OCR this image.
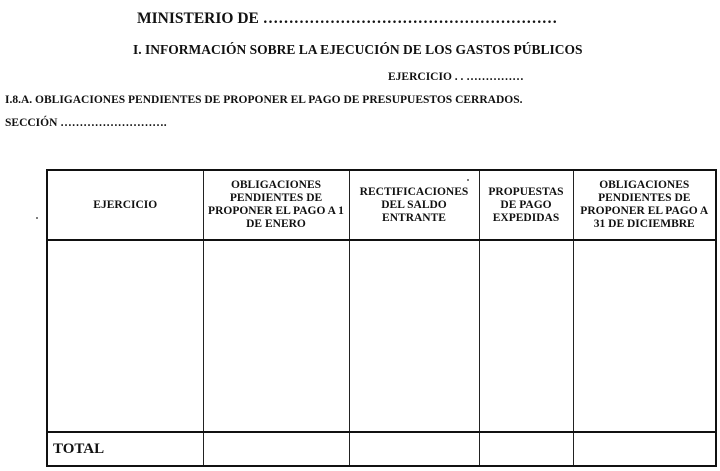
MINISTERIO DE …………………………………………………
I. INFORMACIÓN SOBRE LA EJECUCIÓN DE LOS GASTOS PÚBLICOS
EJERCICIO . . ……………
I.8.A. OBLIGACIONES PENDIENTES DE PROPONER EL PAGO DE PRESUPUESTOS CERRADOS.
SECCIÓN ……………………….
EJERCICIO	OBLIGACIONES PENDIENTES DE PROPONER EL PAGO A 1 DE ENERO	RECTIFICACIONES DEL SALDO ENTRANTE	PROPUESTAS DE PAGO EXPEDIDAS	OBLIGACIONES PENDIENTES DE PROPONER EL PAGO A 31 DE DICIEMBRE

TOTAL				
